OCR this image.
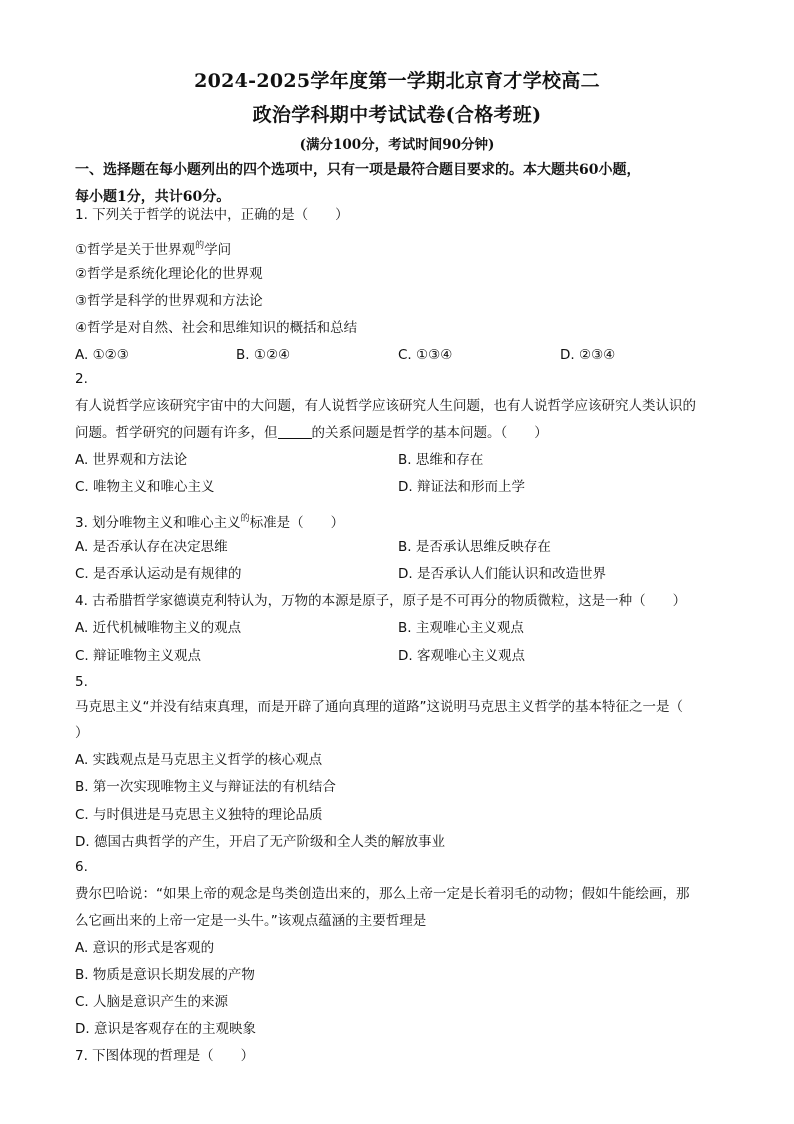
2024-2025学年度第一学期北京育才学校高二
政治学科期中考试试卷(合格考班)
(满分100分，考试时间90分钟)
一、选择题在每小题列出的四个选项中，只有一项是最符合题目要求的。本大题共60小题，
每小题1分，共计60分。
1. 下列关于哲学的说法中，正确的是（　　）
①哲学是关于世界观$^的$学问
②哲学是系统化理论化的世界观
③哲学是科学的世界观和方法论
④哲学是对自然、社会和思维知识的概括和总结
A. ①②③	B. ①②④	C. ①③④	D. ②③④
2.
有人说哲学应该研究宇宙中的大问题，有人说哲学应该研究人生问题，也有人说哲学应该研究人类认识的
问题。哲学研究的问题有许多，但	的关系问题是哲学的基本问题。（　　）
A. 世界观和方法论	B. 思维和存在
C. 唯物主义和唯心主义	D. 辩证法和形而上学
3. 划分唯物主义和唯心主义$^的$标准是（　　）
A. 是否承认存在决定思维	B. 是否承认思维反映存在
C. 是否承认运动是有规律的	D. 是否承认人们能认识和改造世界
4. 古希腊哲学家德谟克利特认为，万物的本源是原子，原子是不可再分的物质微粒，这是一种（　　）
A. 近代机械唯物主义的观点	B. 主观唯心主义观点
C. 辩证唯物主义观点	D. 客观唯心主义观点
5.
马克思主义“并没有结束真理，而是开辟了通向真理的道路”这说明马克思主义哲学的基本特征之一是（
）
A. 实践观点是马克思主义哲学的核心观点
B. 第一次实现唯物主义与辩证法的有机结合
C. 与时俱进是马克思主义独特的理论品质
D. 德国古典哲学的产生，开启了无产阶级和全人类的解放事业
6.
费尔巴哈说：“如果上帝的观念是鸟类创造出来的，那么上帝一定是长着羽毛的动物；假如牛能绘画，那
么它画出来的上帝一定是一头牛。”该观点蕴涵的主要哲理是
A. 意识的形式是客观的
B. 物质是意识长期发展的产物
C. 人脑是意识产生的来源
D. 意识是客观存在的主观映象
7. 下图体现的哲理是（　　）
